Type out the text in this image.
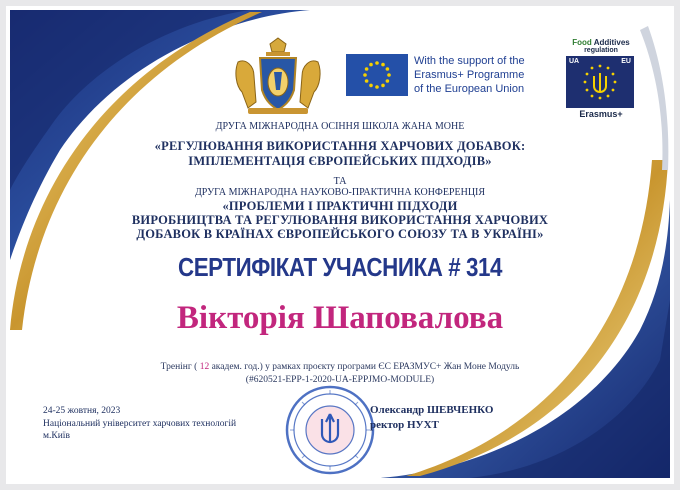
With the support of the
Erasmus+ Programme
of the European Union
Food Additives
regulation
UA	EU
Erasmus+
ДРУГА МІЖНАРОДНА ОСІННЯ ШКОЛА ЖАНА МОНЕ
«РЕГУЛЮВАННЯ ВИКОРИСТАННЯ ХАРЧОВИХ ДОБАВОК:
ІМПЛЕМЕНТАЦІЯ ЄВРОПЕЙСЬКИХ ПІДХОДІВ»
ТА
ДРУГА МІЖНАРОДНА НАУКОВО-ПРАКТИЧНА КОНФЕРЕНЦІЯ
«ПРОБЛЕМИ І ПРАКТИЧНІ ПІДХОДИ
ВИРОБНИЦТВА ТА РЕГУЛЮВАННЯ ВИКОРИСТАННЯ ХАРЧОВИХ
ДОБАВОК В КРАЇНАХ ЄВРОПЕЙСЬКОГО СОЮЗУ ТА В УКРАЇНІ»
СЕРТИФІКАТ УЧАСНИКА # 314
Вікторія Шаповалова
Тренінг ( 12 академ. год.) у рамках проєкту програми ЄС ЕРАЗМУС+ Жан Моне Модуль
(#620521-EPP-1-2020-UA-EPPJMO-MODULE)
24-25 жовтня, 2023
Національний університет харчових технологій м.Київ
Олександр ШЕВЧЕНКО
ректор НУХТ
